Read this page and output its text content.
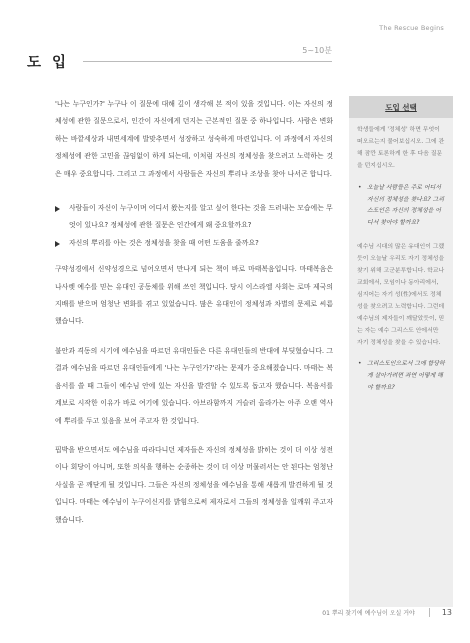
The Rescue Begins
도 입
5~10분

'나는 누구인가?' 누구나 이 질문에 대해 깊이 생각해 본 적이 있을 것입니다. 이는 자신의 정체성에 관한 질문으로서, 인간이 자신에게 던지는 근본적인 질문 중 하나입니다. 사람은 변화하는 바깥세상과 내면세계에 발맞추면서 성장하고 성숙하게 마련입니다. 이 과정에서 자신의 정체성에 관한 고민을 끊임없이 하게 되는데, 이처럼 자신의 정체성을 찾으려고 노력하는 것은 매우 중요합니다. 그리고 그 과정에서 사람들은 자신의 뿌리나 조상을 찾아 나서곤 합니다.

사람들이 자신이 누구이며 어디서 왔는지를 알고 싶어 한다는 것을 드러내는 모습에는 무엇이 있나요? 정체성에 관한 질문은 인간에게 왜 중요할까요?
자신의 뿌리를 아는 것은 정체성을 찾을 때 어떤 도움을 줄까요?

구약성경에서 신약성경으로 넘어오면서 만나게 되는 책이 바로 마태복음입니다. 마태복음은 나사렛 예수를 믿는 유대인 공동체를 위해 쓰인 책입니다. 당시 이스라엘 사회는 로마 제국의 지배를 받으며 엄청난 변화를 겪고 있었습니다. 많은 유대인이 정체성과 차별의 문제로 씨름했습니다.

불안과 격동의 시기에 예수님을 따르던 유대인들은 다른 유대인들의 반대에 부딪혔습니다. 그 결과 예수님을 따르던 유대인들에게 '나는 누구인가?'라는 문제가 중요해졌습니다. 마태는 복음서를 쓸 때 그들이 예수님 안에 있는 자신을 발견할 수 있도록 돕고자 했습니다. 복음서를 계보로 시작한 이유가 바로 여기에 있습니다. 아브라함까지 거슬러 올라가는 아주 오랜 역사에 뿌리를 두고 있음을 보여 주고자 한 것입니다.

핍박을 받으면서도 예수님을 따라다니던 제자들은 자신의 정체성을 밝히는 것이 더 이상 성전이나 회당이 아니며, 또한 의식을 행하는 순종하는 것이 더 이상 머물러서는 안 된다는 엄청난 사실을 곧 깨닫게 될 것입니다. 그들은 자신의 정체성을 예수님을 통해 새롭게 발견하게 될 것입니다. 마태는 예수님이 누구이신지를 밝힘으로써 제자로서 그들의 정체성을 일깨워 주고자 했습니다.

도입 선택

학생들에게 '정체성' 하면 무엇이 떠오르는지 물어보십시오. 그에 관해 잠깐 토론하게 한 후 다음 질문을 던지십시오.

• 오늘날 사람들은 주로 어디서 자신의 정체성을 찾나요? 그리스도인은 자신의 정체성을 어디서 찾아야 할까요?

예수님 시대의 많은 유대인이 그랬듯이 오늘날 우리도 자기 정체성을 찾기 위해 고군분투합니다. 학교나 교회에서, 모임이나 동아리에서, 심지어는 자기 성(性)에서도 정체성을 찾으려고 노력합니다. 그런데 예수님의 제자들이 깨달았듯이, 믿는 자는 예수 그리스도 안에서만 자기 정체성을 찾을 수 있습니다.

• 그리스도인으로서 그에 합당하게 살아가려면 과연 어떻게 해야 할까요?

01 뿌리 찾기에 예수님이 오실 거야	13
